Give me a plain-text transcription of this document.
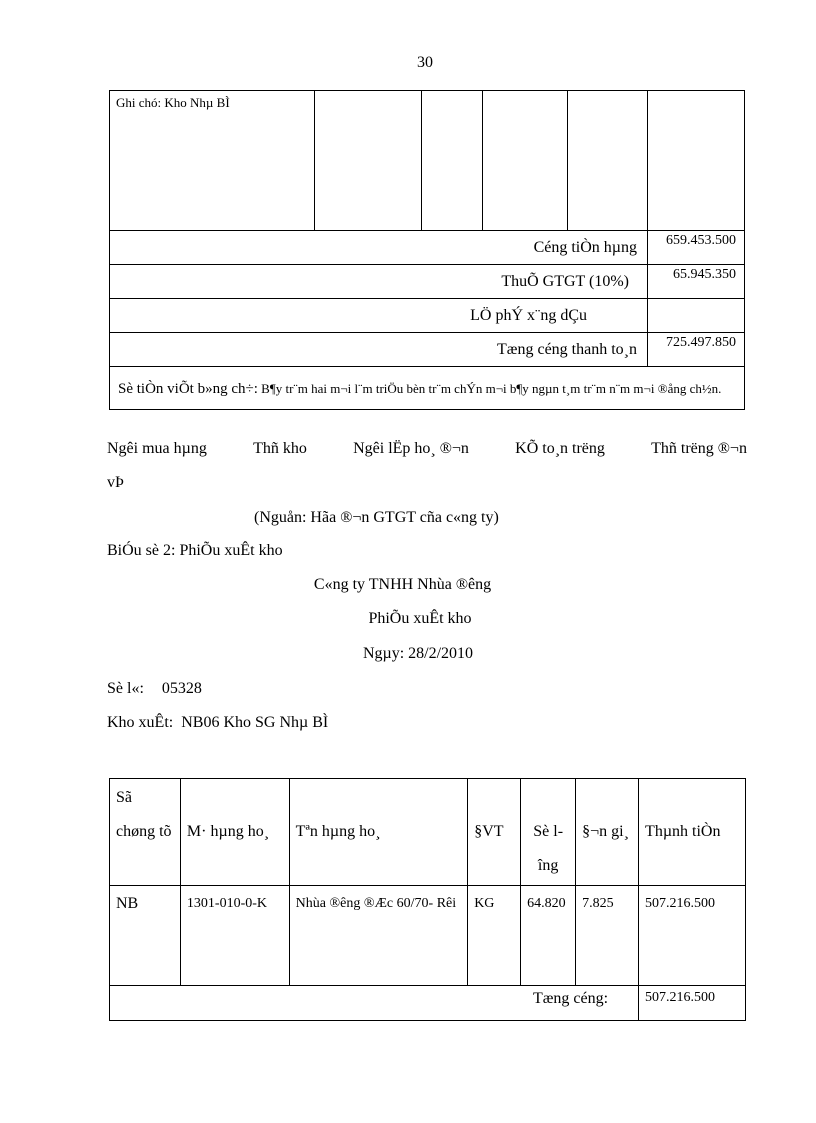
30
Ghi chó: Kho Nhµ BÌ					
Céng tiÒn hµng					659.453.500
ThuÕ GTGT (10%)					65.945.350
LÖ phÝ x¨ng dÇu					
Tæng céng thanh to¸n					725.497.850
Sè tiÒn viÕt b»ng ch÷: B¶y tr¨m hai m¬i l¨m triÖu bèn tr¨m chÝn m¬i b¶y ngµn t¸m tr¨m n¨m m¬i ®ång ch½n.					
Ngêi mua hµng	Thñ kho	Ngêi lËp ho¸ ®¬n	KÕ to¸n trëng	Thñ trëng ®¬n
vÞ
(Nguån: Hãa ®¬n GTGT cña c«ng ty)
BiÓu sè 2: PhiÕu xuÊt kho
C«ng ty TNHH Nhùa ®êng
PhiÕu xuÊt kho
Ngµy: 28/2/2010
Sè l«: 05328
Kho xuÊt: NB06 Kho SG Nhµ BÌ
Sã chøng tõ	M· hµng ho¸	Tªn hµng ho¸	§VT	Sè lîng	§¬n gi¸	Thµnh tiÒn
NB	1301-010-0-K	Nhùa ®êng ®Æc 60/70- Rêi	KG	64.820	7.825	507.216.500
Tæng céng:						507.216.500
